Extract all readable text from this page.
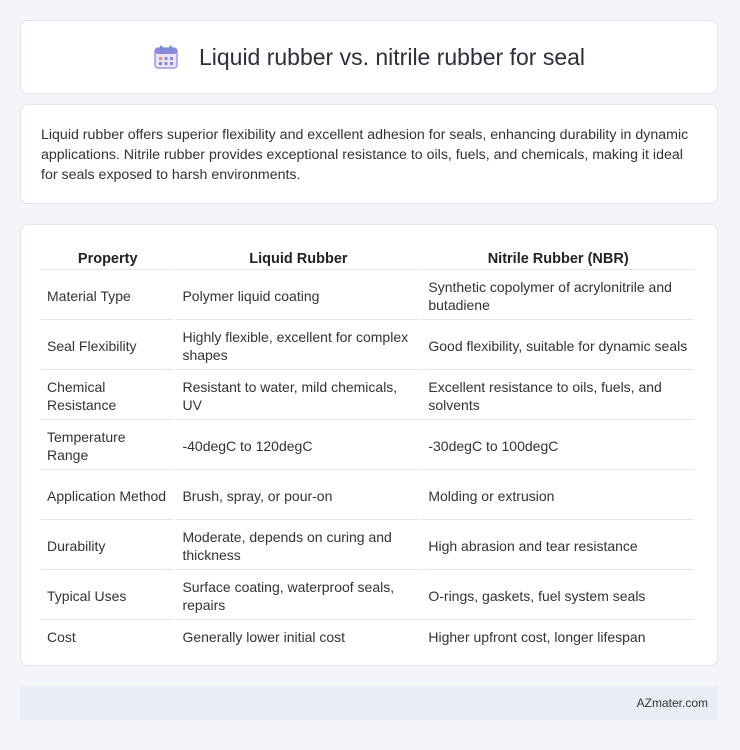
Liquid rubber vs. nitrile rubber for seal

Liquid rubber offers superior flexibility and excellent adhesion for seals, enhancing durability in dynamic applications. Nitrile rubber provides exceptional resistance to oils, fuels, and chemicals, making it ideal for seals exposed to harsh environments.

Property	Liquid Rubber	Nitrile Rubber (NBR)
Material Type	Polymer liquid coating	Synthetic copolymer of acrylonitrile and butadiene
Seal Flexibility	Highly flexible, excellent for complex shapes	Good flexibility, suitable for dynamic seals
Chemical Resistance	Resistant to water, mild chemicals, UV	Excellent resistance to oils, fuels, and solvents
Temperature Range	-40degC to 120degC	-30degC to 100degC
Application Method	Brush, spray, or pour-on	Molding or extrusion
Durability	Moderate, depends on curing and thickness	High abrasion and tear resistance
Typical Uses	Surface coating, waterproof seals, repairs	O-rings, gaskets, fuel system seals
Cost	Generally lower initial cost	Higher upfront cost, longer lifespan
AZmater.com
